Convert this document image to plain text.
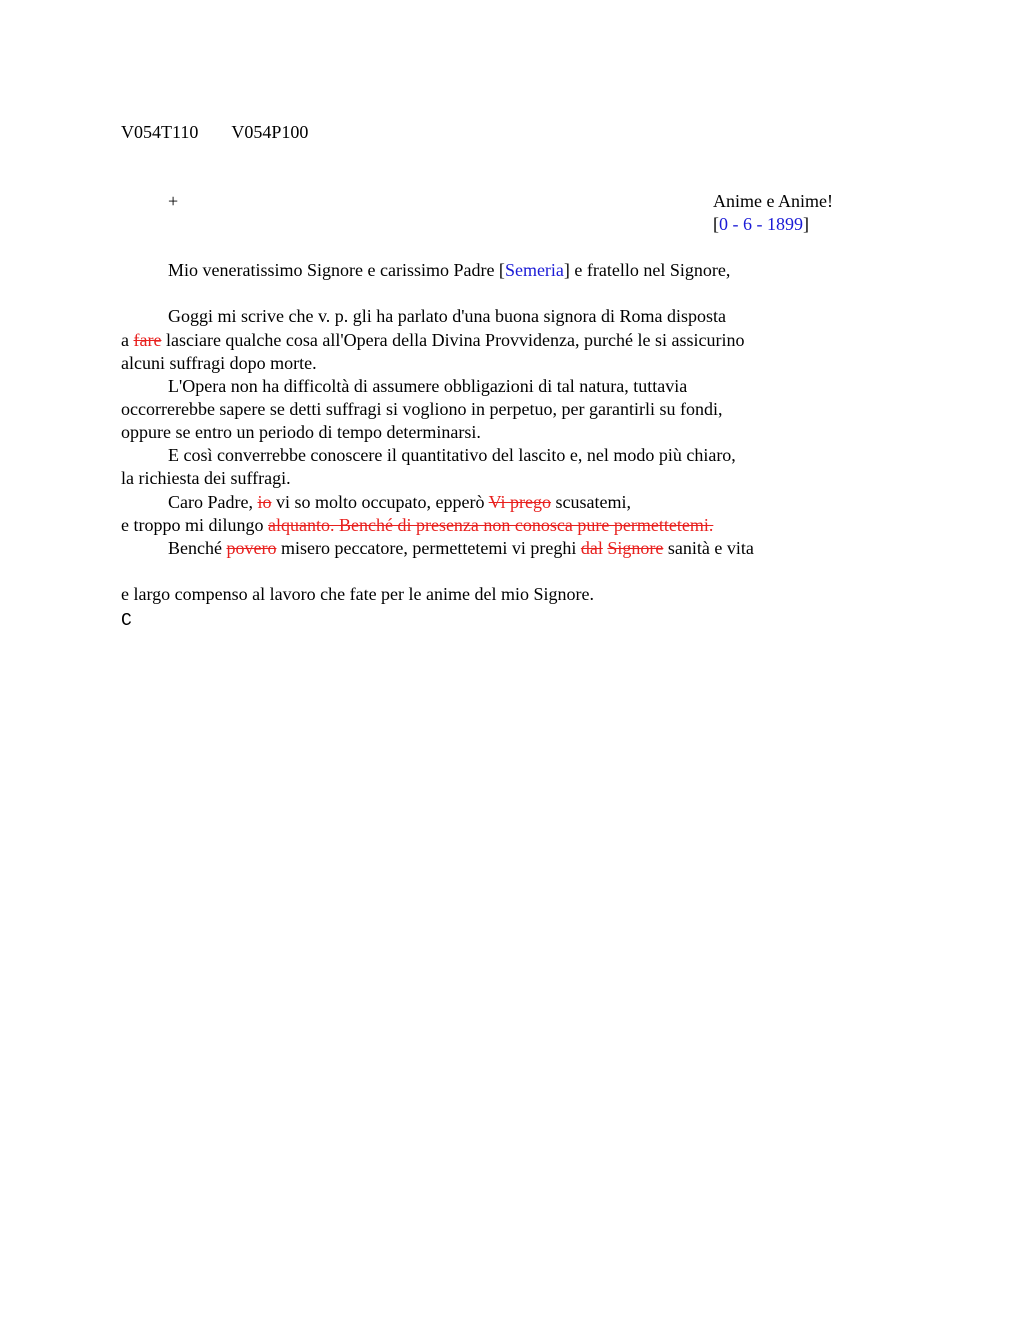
V054T110 V054P100
+	Anime e Anime!
[0 - 6 - 1899]
Mio veneratissimo Signore e carissimo Padre [Semeria] e fratello nel Signore,
Goggi mi scrive che v. p. gli ha parlato d'una buona signora di Roma disposta
a fare lasciare qualche cosa all'Opera della Divina Provvidenza, purché le si assicurino
alcuni suffragi dopo morte.
L'Opera non ha difficoltà di assumere obbligazioni di tal natura, tuttavia
occorrerebbe sapere se detti suffragi si vogliono in perpetuo, per garantirli su fondi,
oppure se entro un periodo di tempo determinarsi.
E così converrebbe conoscere il quantitativo del lascito e, nel modo più chiaro,
la richiesta dei suffragi.
Caro Padre, io vi so molto occupato, epperò Vi prego scusatemi,
e troppo mi dilungo alquanto. Benché di presenza non conosca pure permettetemi.
Benché povero misero peccatore, permettetemi vi preghi dal Signore sanità e vita
e largo compenso al lavoro che fate per le anime del mio Signore.
C
